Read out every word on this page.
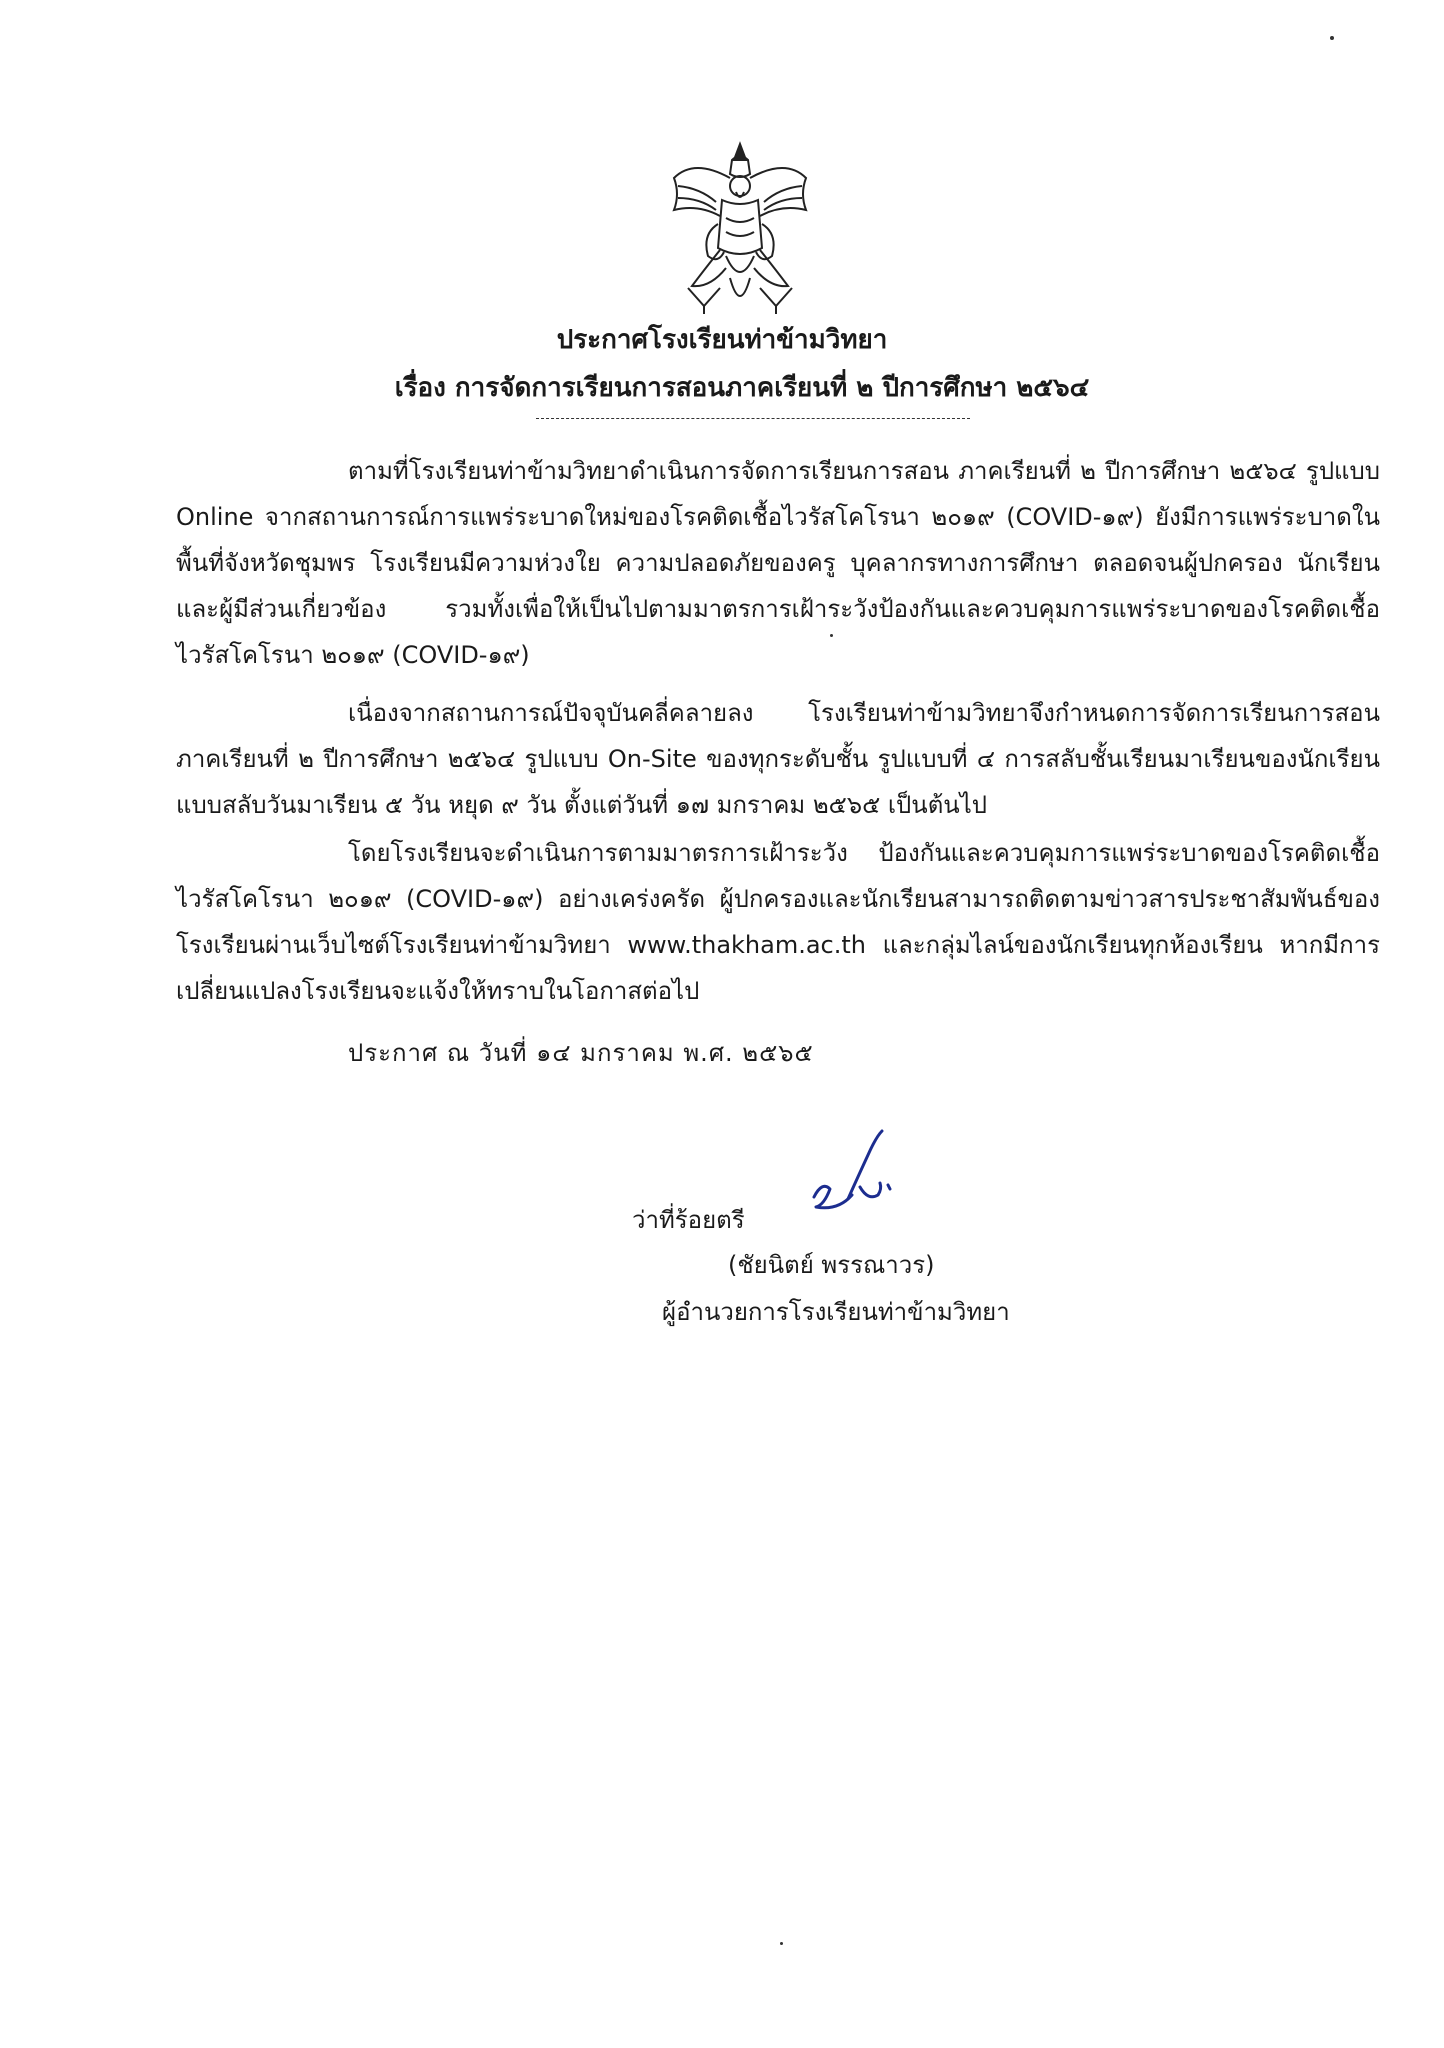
ประกาศโรงเรียนท่าข้ามวิทยา
เรื่อง การจัดการเรียนการสอนภาคเรียนที่ ๒ ปีการศึกษา ๒๕๖๔
ตามที่โรงเรียนท่าข้ามวิทยาดำเนินการจัดการเรียนการสอน ภาคเรียนที่ ๒ ปีการศึกษา ๒๕๖๔ รูปแบบ Online จากสถานการณ์การแพร่ระบาดใหม่ของโรคติดเชื้อไวรัสโคโรนา ๒๐๑๙ (COVID-๑๙) ยังมีการแพร่ระบาดในพื้นที่จังหวัดชุมพร โรงเรียนมีความห่วงใย ความปลอดภัยของครู บุคลากรทางการศึกษา ตลอดจนผู้ปกครอง นักเรียน และผู้มีส่วนเกี่ยวข้อง รวมทั้งเพื่อให้เป็นไปตามมาตรการเฝ้าระวังป้องกันและควบคุมการแพร่ระบาดของโรคติดเชื้อไวรัสโคโรนา ๒๐๑๙ (COVID-๑๙)
เนื่องจากสถานการณ์ปัจจุบันคลี่คลายลง โรงเรียนท่าข้ามวิทยาจึงกำหนดการจัดการเรียนการสอน ภาคเรียนที่ ๒ ปีการศึกษา ๒๕๖๔ รูปแบบ On-Site ของทุกระดับชั้น รูปแบบที่ ๔ การสลับชั้นเรียนมาเรียนของนักเรียน แบบสลับวันมาเรียน ๕ วัน หยุด ๙ วัน ตั้งแต่วันที่ ๑๗ มกราคม ๒๕๖๕ เป็นต้นไป
โดยโรงเรียนจะดำเนินการตามมาตรการเฝ้าระวัง ป้องกันและควบคุมการแพร่ระบาดของโรคติดเชื้อไวรัสโคโรนา ๒๐๑๙ (COVID-๑๙) อย่างเคร่งครัด ผู้ปกครองและนักเรียนสามารถติดตามข่าวสารประชาสัมพันธ์ของโรงเรียนผ่านเว็บไซต์โรงเรียนท่าข้ามวิทยา www.thakham.ac.th และกลุ่มไลน์ของนักเรียนทุกห้องเรียน หากมีการเปลี่ยนแปลงโรงเรียนจะแจ้งให้ทราบในโอกาสต่อไป
ประกาศ ณ วันที่ ๑๔ มกราคม พ.ศ. ๒๕๖๕
ว่าที่ร้อยตรี
(ชัยนิตย์ พรรณาวร)
ผู้อำนวยการโรงเรียนท่าข้ามวิทยา
